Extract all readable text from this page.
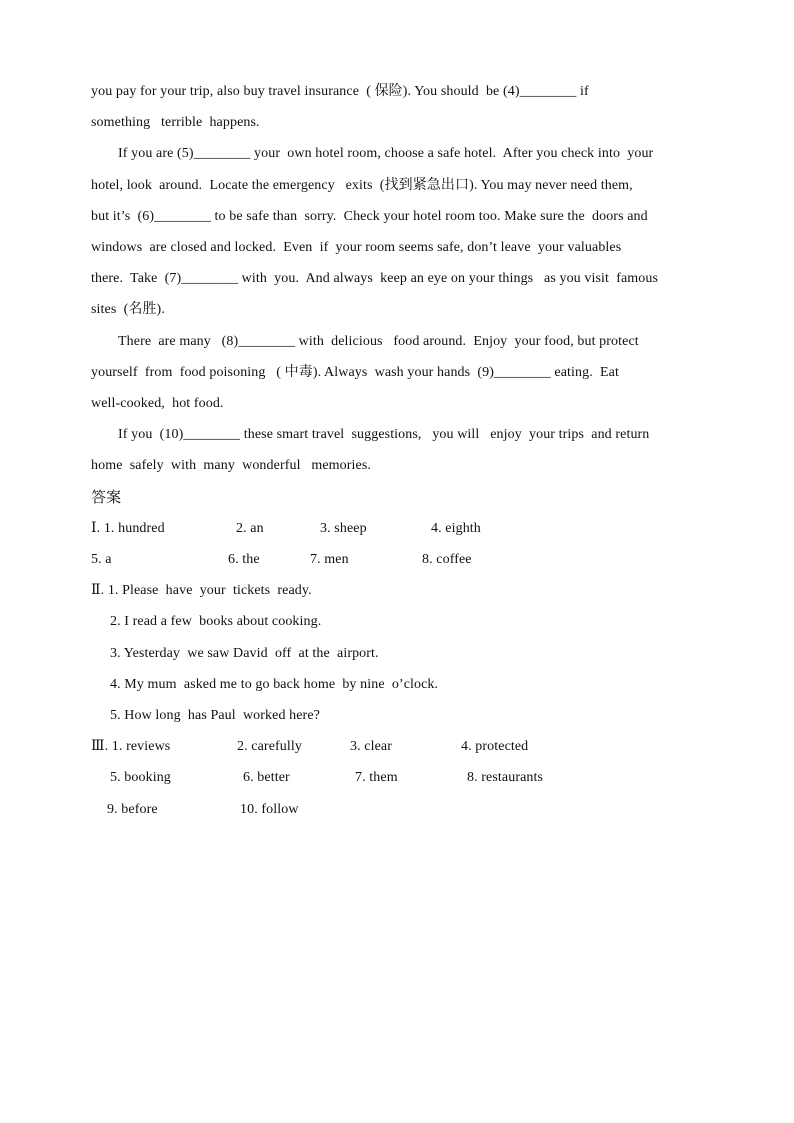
you pay for your trip, also buy travel insurance  ( 保险). You should  be (4)________ if
something   terrible  happens.
If you are (5)________ your  own hotel room, choose a safe hotel.  After you check into  your
hotel, look  around.  Locate the emergency   exits  (找到紧急出口). You may never need them,
but it’s  (6)________ to be safe than  sorry.  Check your hotel room too. Make sure the  doors and
windows  are closed and locked.  Even  if  your room seems safe, don’t leave  your valuables
there.  Take  (7)________ with  you.  And always  keep an eye on your things   as you visit  famous
sites  (名胜).
There  are many   (8)________ with  delicious   food around.  Enjoy  your food, but protect
yourself  from  food poisoning   ( 中毒). Always  wash your hands  (9)________ eating.  Eat
well-cooked,  hot food.
If you  (10)________ these smart travel  suggestions,   you will   enjoy  your trips  and return
home  safely  with  many  wonderful   memories.
答案
Ⅰ. 1. hundred	2. an	3. sheep	4. eighth
5. a	6. the	7. men	8. coffee
Ⅱ. 1. Please  have  your  tickets  ready.
2. I read a few  books about cooking.
3. Yesterday  we saw David  off  at the  airport.
4. My mum  asked me to go back home  by nine  o’clock.
5. How long  has Paul  worked here?
Ⅲ. 1. reviews	2. carefully	3. clear	4. protected
5. booking	6. better	7. them	8. restaurants
9. before	10. follow
